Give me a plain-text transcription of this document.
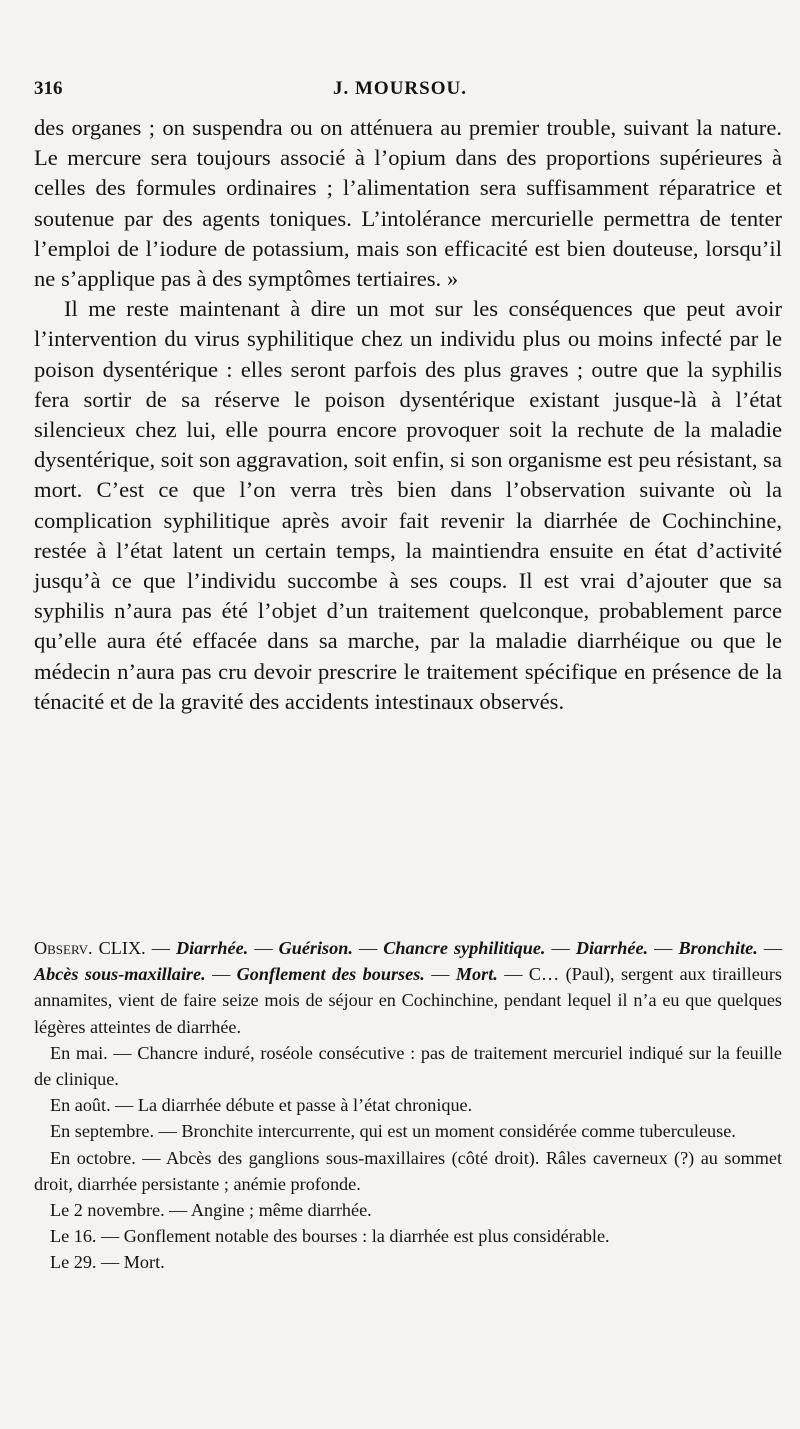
316	J. MOURSOU.

des organes ; on suspendra ou on atténuera au premier trouble, suivant la nature. Le mercure sera toujours associé à l’opium dans des proportions supérieures à celles des formules ordinaires ; l’alimentation sera suffisamment réparatrice et soutenue par des agents toniques. L’intolérance mercurielle permettra de tenter l’emploi de l’iodure de potassium, mais son efficacité est bien douteuse, lorsqu’il ne s’applique pas à des symptômes tertiaires. »

Il me reste maintenant à dire un mot sur les conséquences que peut avoir l’intervention du virus syphilitique chez un individu plus ou moins infecté par le poison dysentérique : elles seront parfois des plus graves ; outre que la syphilis fera sortir de sa réserve le poison dysentérique existant jusque-là à l’état silencieux chez lui, elle pourra encore provoquer soit la rechute de la maladie dysentérique, soit son aggravation, soit enfin, si son organisme est peu résistant, sa mort. C’est ce que l’on verra très bien dans l’observation suivante où la complication syphilitique après avoir fait revenir la diarrhée de Cochinchine, restée à l’état latent un certain temps, la maintiendra ensuite en état d’activité jusqu’à ce que l’individu succombe à ses coups. Il est vrai d’ajouter que sa syphilis n’aura pas été l’objet d’un traitement quelconque, probablement parce qu’elle aura été effacée dans sa marche, par la maladie diarrhéique ou que le médecin n’aura pas cru devoir prescrire le traitement spécifique en présence de la ténacité et de la gravité des accidents intestinaux observés.

Observ. CLIX. — Diarrhée. — Guérison. — Chancre syphilitique. — Diarrhée. — Bronchite. — Abcès sous-maxillaire. — Gonflement des bourses. — Mort. — C… (Paul), sergent aux tirailleurs annamites, vient de faire seize mois de séjour en Cochinchine, pendant lequel il n’a eu que quelques légères atteintes de diarrhée.

En mai. — Chancre induré, roséole consécutive : pas de traitement mercuriel indiqué sur la feuille de clinique.

En août. — La diarrhée débute et passe à l’état chronique.

En septembre. — Bronchite intercurrente, qui est un moment considérée comme tuberculeuse.

En octobre. — Abcès des ganglions sous-maxillaires (côté droit). Râles caverneux (?) au sommet droit, diarrhée persistante ; anémie profonde.

Le 2 novembre. — Angine ; même diarrhée.

Le 16. — Gonflement notable des bourses : la diarrhée est plus considérable.

Le 29. — Mort.
